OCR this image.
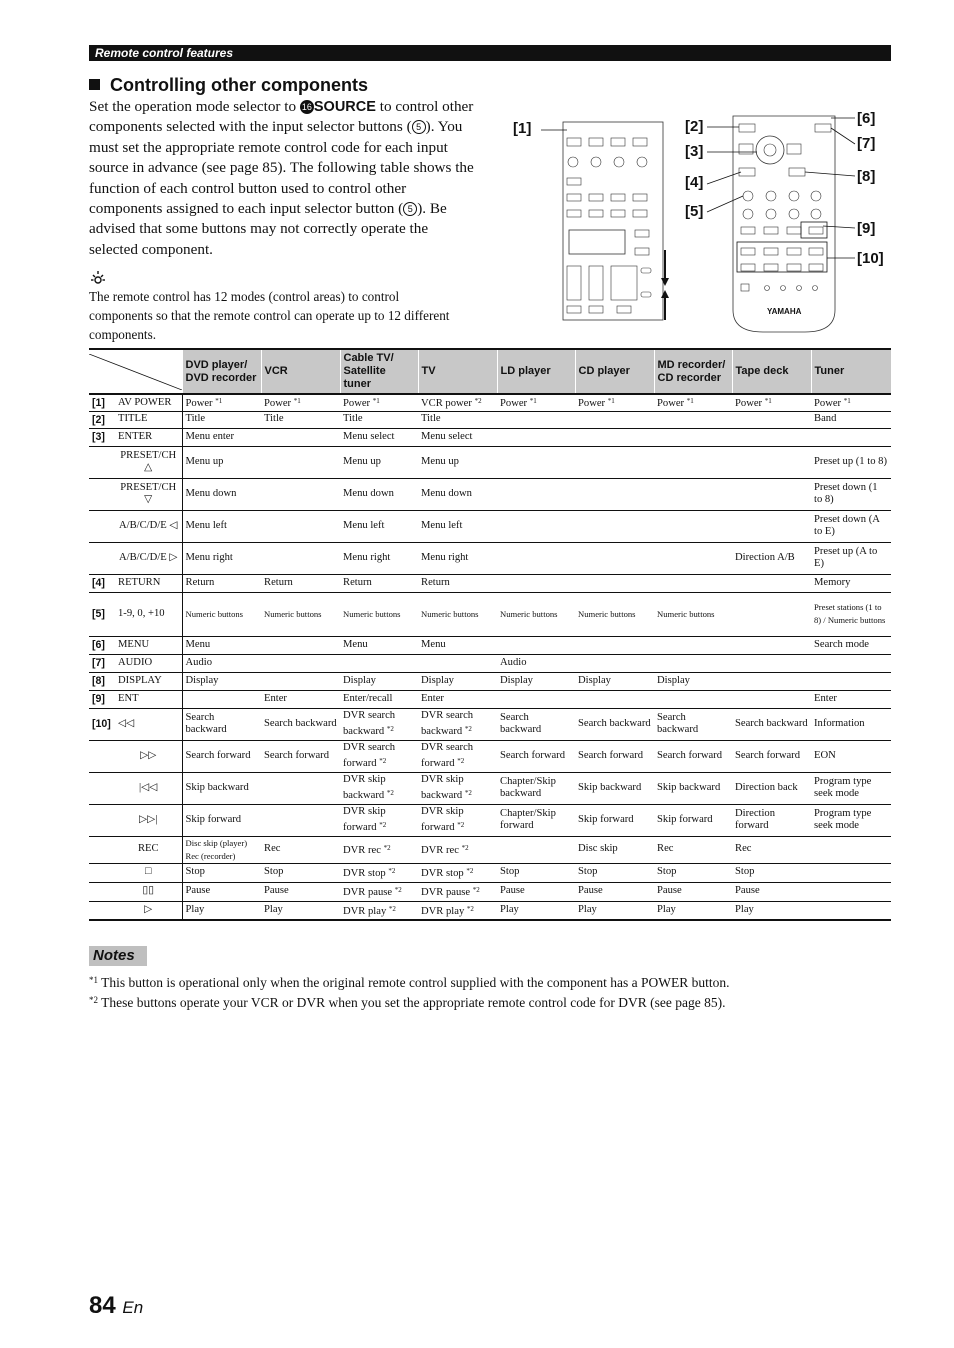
Remote control features
Controlling other components

Set the operation mode selector to 16 SOURCE to control other components selected with the input selector buttons ( 5 ). You must set the appropriate remote control code for each input source in advance (see page 85). The following table shows the function of each control button used to control other components assigned to each input selector button ( 5 ). Be advised that some buttons may not correctly operate the selected component.

The remote control has 12 modes (control areas) to control components so that the remote control can operate up to 12 different components.

[1]	[2]
[3]
[4]
[5]
[6]
[7]
[8]
[9]
[10]
YAMAHA
	DVD player/ DVD recorder	VCR	Cable TV/ Satellite tuner	TV	LD player	CD player	MD recorder/ CD recorder	Tape deck	Tuner
[1]	AV POWER	Power $^{*1}$	Power $^{*1}$	Power $^{*1}$	VCR power $^{*2}$	Power $^{*1}$	Power $^{*1}$	Power $^{*1}$	Power $^{*1}$	Power $^{*1}$
[2]	TITLE	Title	Title	Title	Title					Band
[3]	ENTER	Menu enter		Menu select	Menu select					
	PRESET/CH △	Menu up		Menu up	Menu up					Preset up (1 to 8)
	PRESET/CH ▽	Menu down		Menu down	Menu down					Preset down (1 to 8)
	A/B/C/D/E ◁	Menu left		Menu left	Menu left					Preset down (A to E)
	A/B/C/D/E ▷	Menu right		Menu right	Menu right				Direction A/B	Preset up (A to E)
[4]	RETURN	Return	Return	Return	Return					Memory
[5]	1-9, 0, +10	Numeric buttons	Numeric buttons	Numeric buttons	Numeric buttons	Numeric buttons	Numeric buttons	Numeric buttons		Preset stations (1 to 8) / Numeric buttons
[6]	MENU	Menu		Menu	Menu					Search mode
[7]	AUDIO	Audio				Audio				
[8]	DISPLAY	Display		Display	Display	Display	Display	Display		
[9]	ENT		Enter	Enter/recall	Enter					Enter
[10]	◁◁	Search backward	Search backward	DVR search backward $^{*2}$	DVR search backward $^{*2}$	Search backward	Search backward	Search backward	Search backward	Information
	▷▷	Search forward	Search forward	DVR search forward $^{*2}$	DVR search forward $^{*2}$	Search forward	Search forward	Search forward	Search forward	EON
	|◁◁	Skip backward		DVR skip backward $^{*2}$	DVR skip backward $^{*2}$	Chapter/Skip backward	Skip backward	Skip backward	Direction back	Program type seek mode
	▷▷|	Skip forward		DVR skip forward $^{*2}$	DVR skip forward $^{*2}$	Chapter/Skip forward	Skip forward	Skip forward	Direction forward	Program type seek mode
	REC	Disc skip (player) Rec (recorder)	Rec	DVR rec $^{*2}$	DVR rec $^{*2}$		Disc skip	Rec	Rec	
	□	Stop	Stop	DVR stop $^{*2}$	DVR stop $^{*2}$	Stop	Stop	Stop	Stop	
	▯▯	Pause	Pause	DVR pause $^{*2}$	DVR pause $^{*2}$	Pause	Pause	Pause	Pause	
	▷	Play	Play	DVR play $^{*2}$	DVR play $^{*2}$	Play	Play	Play	Play	
Notes

$^{*1}$ This button is operational only when the original remote control supplied with the component has a POWER button.

$^{*2}$ These buttons operate your VCR or DVR when you set the appropriate remote control code for DVR (see page 85).

84 En
